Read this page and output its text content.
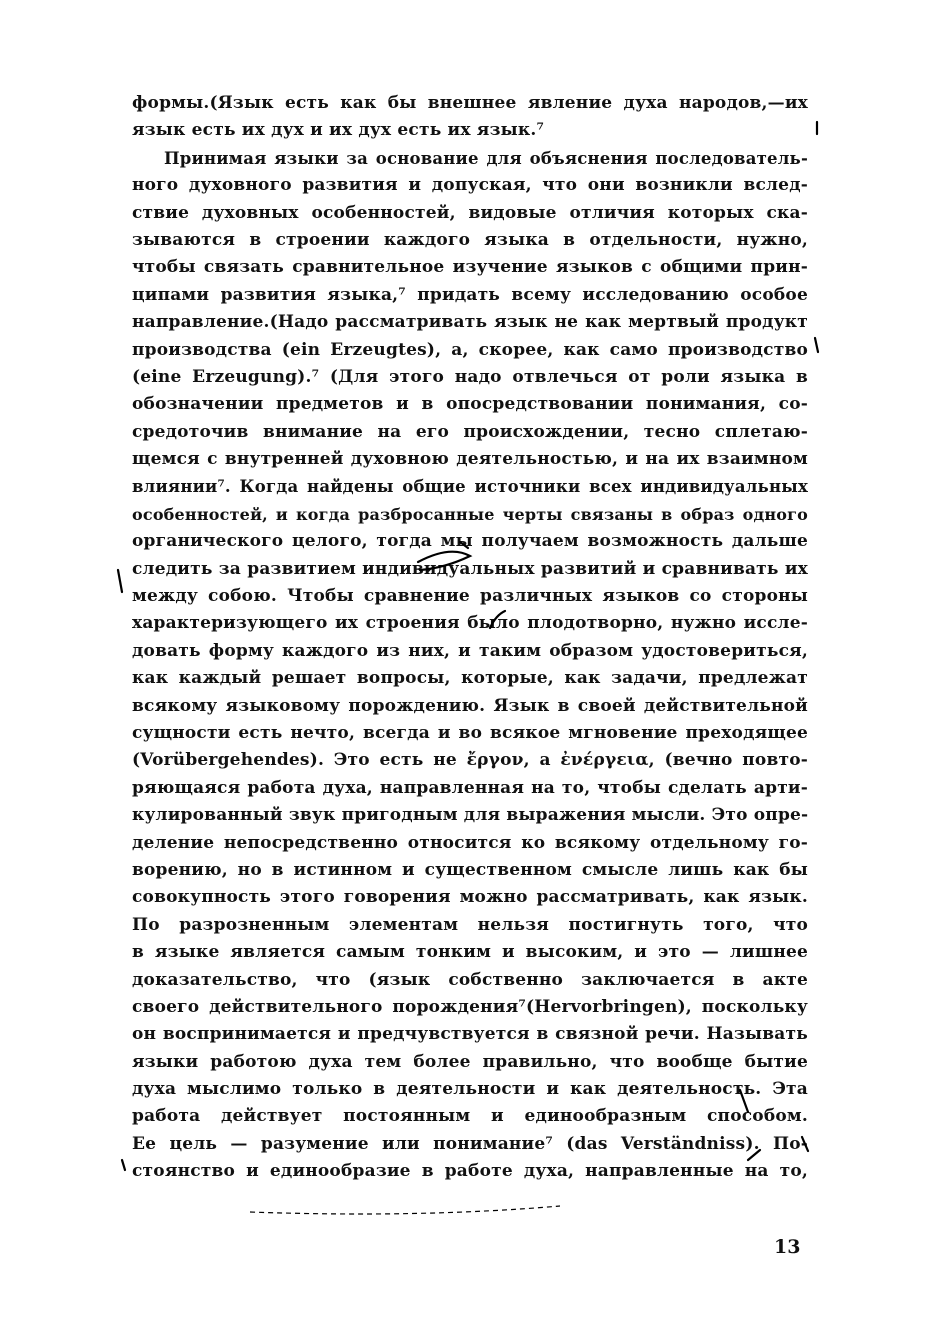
формы.(Язык есть как бы внешнее явление духа народов,—их
язык есть их дух и их дух есть их язык.⁷
Принимая языки за основание для объяснения последователь-
ного духовного развития и допуская, что они возникли вслед-
ствие духовных особенностей, видовые отличия которых ска-
зываются в строении каждого языка в отдельности, нужно,
чтобы связать сравнительное изучение языков с общими прин-
ципами развития языка,⁷ придать всему исследованию особое
направление.(Надо рассматривать язык не как мертвый продукт
производства (ein Erzeugtes), а, скорее, как само производство
(eine Erzeugung).⁷ (Для этого надо отвлечься от роли языка в
обозначении предметов и в опосредствовании понимания, со-
средоточив внимание на его происхождении, тесно сплетаю-
щемся с внутренней духовною деятельностью, и на их взаимном
влиянии⁷. Когда найдены общие источники всех индивидуальных
особенностей, и когда разбросанные черты связаны в образ одного
органического целого, тогда мы получаем возможность дальше
следить за развитием индивидуальных развитий и сравнивать их
между собою. Чтобы сравнение различных языков со стороны
характеризующего их строения было плодотворно, нужно иссле-
довать форму каждого из них, и таким образом удостовериться,
как каждый решает вопросы, которые, как задачи, предлежат
всякому языковому порождению. Язык в своей действительной
сущности есть нечто, всегда и во всякое мгновение преходящее
(Vorübergehendes). Это есть не ἔργον, а ἐνέργεια, (вечно повто-
ряющаяся работа духа, направленная на то, чтобы сделать арти-
кулированный звук пригодным для выражения мысли. Это опре-
деление непосредственно относится ко всякому отдельному го-
ворению, но в истинном и существенном смысле лишь как бы
совокупность этого говорения можно рассматривать, как язык.
По разрозненным элементам нельзя постигнуть того, что
в языке является самым тонким и высоким, и это — лишнее
доказательство, что (язык собственно заключается в акте
своего действительного порождения⁷(Hervorbringen), поскольку
он воспринимается и предчувствуется в связной речи. Называть
языки работою духа тем более правильно, что вообще бытие
духа мыслимо только в деятельности и как деятельность. Эта
работа действует постоянным и единообразным способом.
Ее цель — разумение или понимание⁷ (das Verständniss). По-
стоянство и единообразие в работе духа, направленные на то,
13
